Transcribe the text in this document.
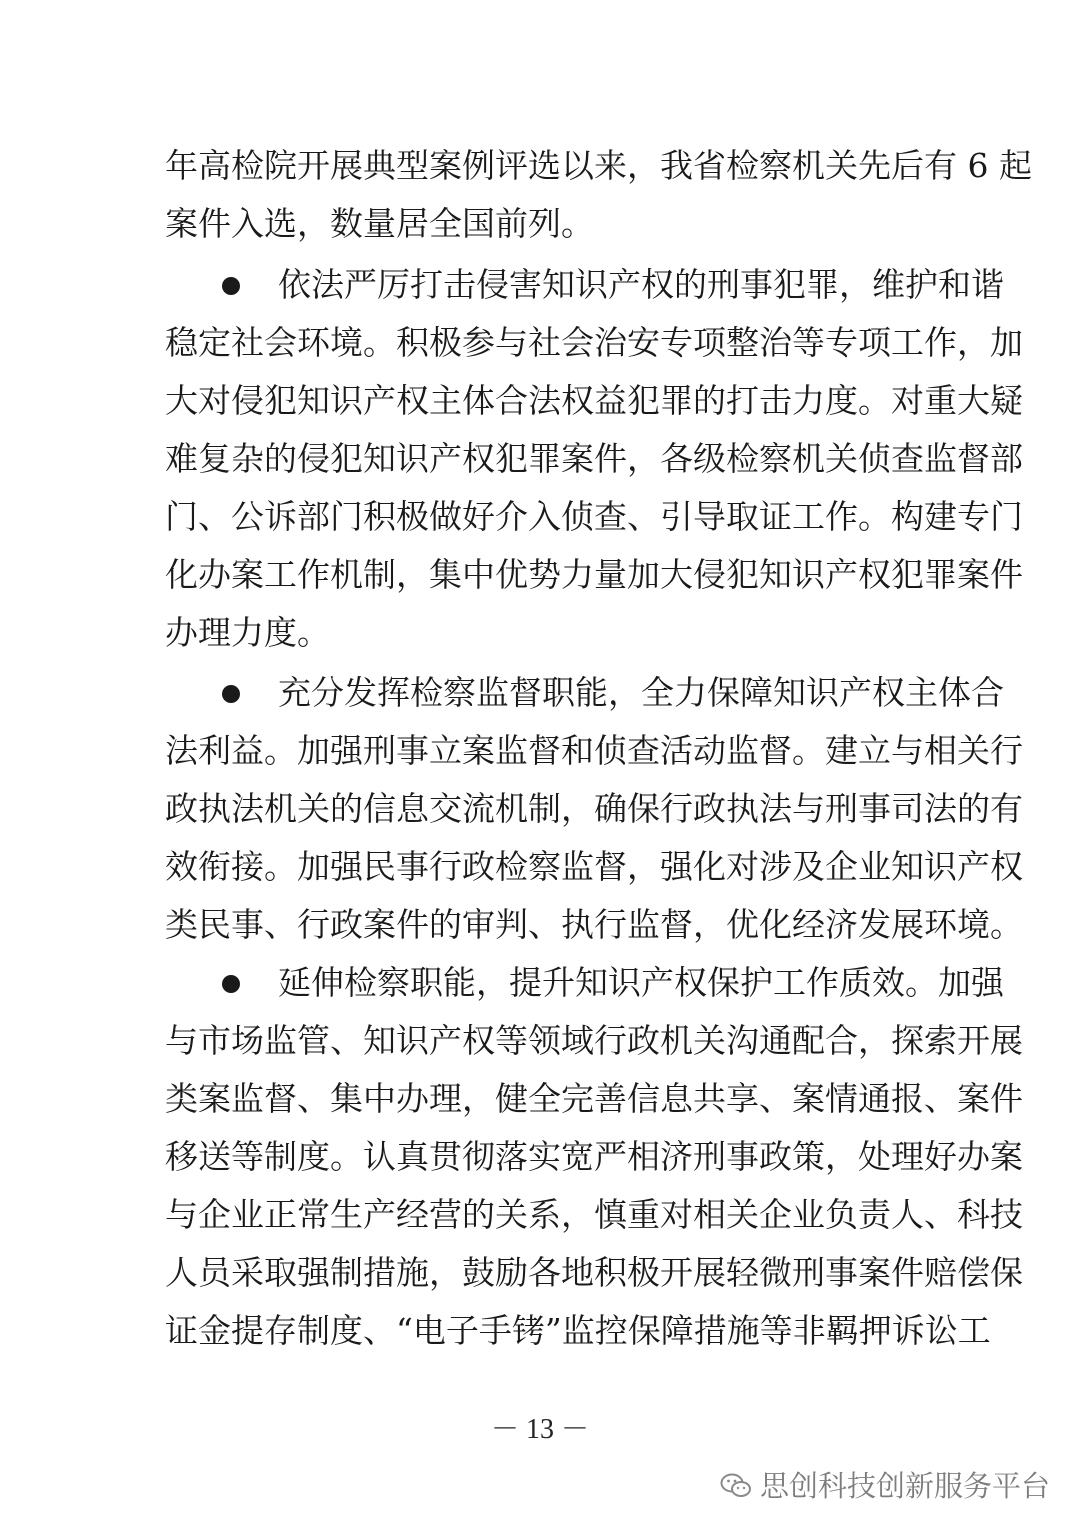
年高检院开展典型案例评选以来，我省检察机关先后有 6 起
案件入选，数量居全国前列。
依法严厉打击侵害知识产权的刑事犯罪，维护和谐
稳定社会环境。积极参与社会治安专项整治等专项工作，加
大对侵犯知识产权主体合法权益犯罪的打击力度。对重大疑
难复杂的侵犯知识产权犯罪案件，各级检察机关侦查监督部
门、公诉部门积极做好介入侦查、引导取证工作。构建专门
化办案工作机制，集中优势力量加大侵犯知识产权犯罪案件
办理力度。
充分发挥检察监督职能，全力保障知识产权主体合
法利益。加强刑事立案监督和侦查活动监督。建立与相关行
政执法机关的信息交流机制，确保行政执法与刑事司法的有
效衔接。加强民事行政检察监督，强化对涉及企业知识产权
类民事、行政案件的审判、执行监督，优化经济发展环境。
延伸检察职能，提升知识产权保护工作质效。加强
与市场监管、知识产权等领域行政机关沟通配合，探索开展
类案监督、集中办理，健全完善信息共享、案情通报、案件
移送等制度。认真贯彻落实宽严相济刑事政策，处理好办案
与企业正常生产经营的关系，慎重对相关企业负责人、科技
人员采取强制措施，鼓励各地积极开展轻微刑事案件赔偿保
证金提存制度、“电子手铐”监控保障措施等非羁押诉讼工
－ 13 －
思创科技创新服务平台
